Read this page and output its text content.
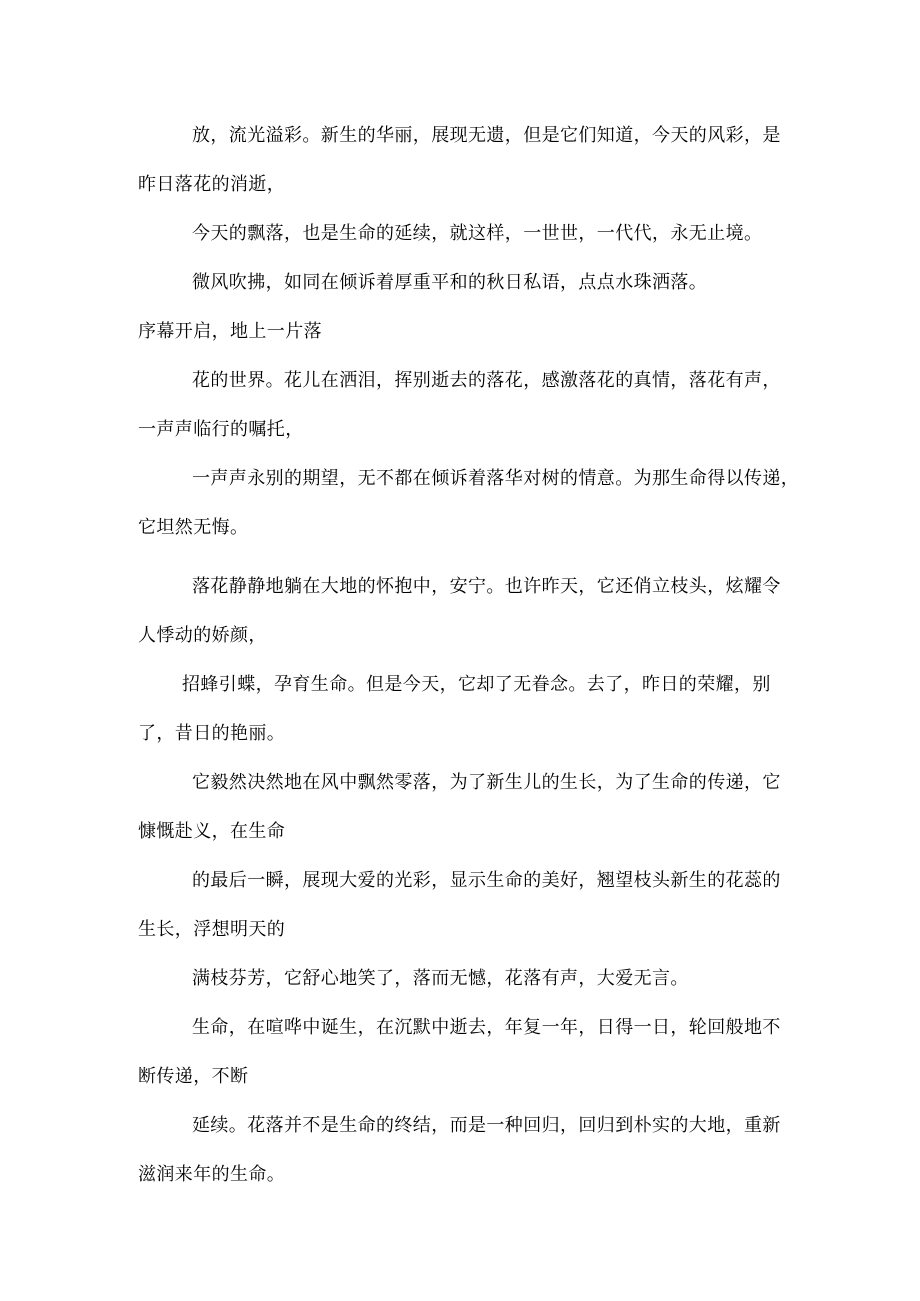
放，流光溢彩。新生的华丽，展现无遗，但是它们知道，今天的风彩，是

昨日落花的消逝，

今天的飘落，也是生命的延续，就这样，一世世，一代代，永无止境。

微风吹拂，如同在倾诉着厚重平和的秋日私语，点点水珠洒落。

序幕开启，地上一片落

花的世界。花儿在洒泪，挥别逝去的落花，感激落花的真情，落花有声，

一声声临行的嘱托，

一声声永别的期望，无不都在倾诉着落华对树的情意。为那生命得以传递，

它坦然无悔。

落花静静地躺在大地的怀抱中，安宁。也许昨天，它还俏立枝头，炫耀令

人悸动的娇颜，

招蜂引蝶，孕育生命。但是今天，它却了无眷念。去了，昨日的荣耀，别

了，昔日的艳丽。

它毅然决然地在风中飘然零落，为了新生儿的生长，为了生命的传递，它

慷慨赴义，在生命

的最后一瞬，展现大爱的光彩，显示生命的美好，翘望枝头新生的花蕊的

生长，浮想明天的

满枝芬芳，它舒心地笑了，落而无憾，花落有声，大爱无言。

生命，在喧哗中诞生，在沉默中逝去，年复一年，日得一日，轮回般地不

断传递，不断

延续。花落并不是生命的终结，而是一种回归，回归到朴实的大地，重新

滋润来年的生命。
